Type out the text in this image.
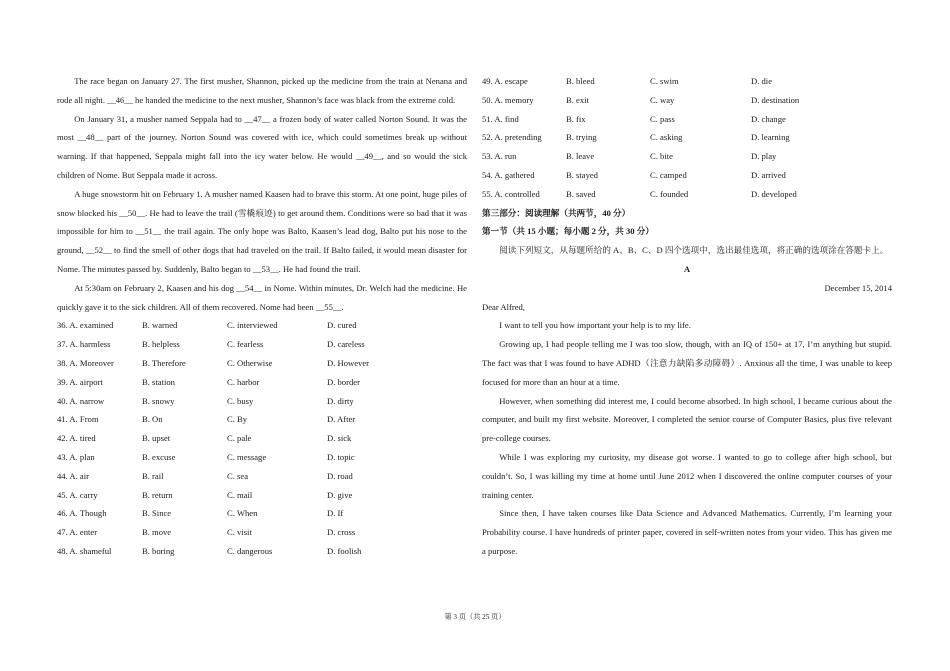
The race began on January 27. The first musher, Shannon, picked up the medicine from the train at Nenana and rode all night. __46__ he handed the medicine to the next musher, Shannon’s face was black from the extreme cold.

On January 31, a musher named Seppala had to __47__ a frozen body of water called Norton Sound. It was the most __48__ part of the journey. Norton Sound was covered with ice, which could sometimes break up without warning. If that happened, Seppala might fall into the icy water below. He would __49__, and so would the sick children of Nome. But Seppala made it across.

A huge snowstorm hit on February 1. A musher named Kaasen had to brave this storm. At one point, huge piles of snow blocked his __50__. He had to leave the trail (雪橇痕迹) to get around them. Conditions were so bad that it was impossible for him to __51__ the trail again. The only hope was Balto, Kaasen’s lead dog, Balto put his nose to the ground, __52__ to find the smell of other dogs that had traveled on the trail. If Balto failed, it would mean disaster for Nome. The minutes passed by. Suddenly, Balto began to __53__. He had found the trail.

At 5:30am on February 2, Kaasen and his dog __54__ in Nome. Within minutes, Dr. Welch had the medicine. He quickly gave it to the sick children. All of them recovered. Nome had been __55__.

36. A. examined	B. warned	C. interviewed	D. cured
37. A. harmless	B. helpless	C. fearless	D. careless
38. A. Moreover	B. Therefore	C. Otherwise	D. However
39. A. airport	B. station	C. harbor	D. border
40. A. narrow	B. snowy	C. busy	D. dirty
41. A. From	B. On	C. By	D. After
42. A. tired	B. upset	C. pale	D. sick
43. A. plan	B. excuse	C. message	D. topic
44. A. air	B. rail	C. sea	D. road
45. A. carry	B. return	C. mail	D. give
46. A. Though	B. Since	C. When	D. If
47. A. enter	B. move	C. visit	D. cross
48. A. shameful	B. boring	C. dangerous	D. foolish
49. A. escape	B. bleed	C. swim	D. die
50. A. memory	B. exit	C. way	D. destination
51. A. find	B. fix	C. pass	D. change
52. A. pretending	B. trying	C. asking	D. learning
53. A. run	B. leave	C. bite	D. play
54. A. gathered	B. stayed	C. camped	D. arrived
55. A. controlled	B. saved	C. founded	D. developed

第三部分：阅读理解（共两节，40 分）

第一节（共 15 小题；每小题 2 分，共 30 分）

阅读下列短文，从每题所给的 A、B、C、D 四个选项中，选出最佳选项，将正确的选项涂在答题卡上。

A

December 15, 2014

Dear Alfred,

I want to tell you how important your help is to my life.

Growing up, I had people telling me I was too slow, though, with an IQ of 150+ at 17, I’m anything but stupid. The fact was that I was found to have ADHD（注意力缺陷多动障碍）. Anxious all the time, I was unable to keep focused for more than an hour at a time.

However, when something did interest me, I could become absorbed. In high school, I became curious about the computer, and built my first website. Moreover, I completed the senior course of Computer Basics, plus five relevant pre-college courses.

While I was exploring my curiosity, my disease got worse. I wanted to go to college after high school, but couldn’t. So, I was killing my time at home until June 2012 when I discovered the online computer courses of your training center.

Since then, I have taken courses like Data Science and Advanced Mathematics. Currently, I’m learning your Probability course. I have hundreds of printer paper, covered in self-written notes from your video. This has given me a purpose.

第 3 页（共 25 页）
